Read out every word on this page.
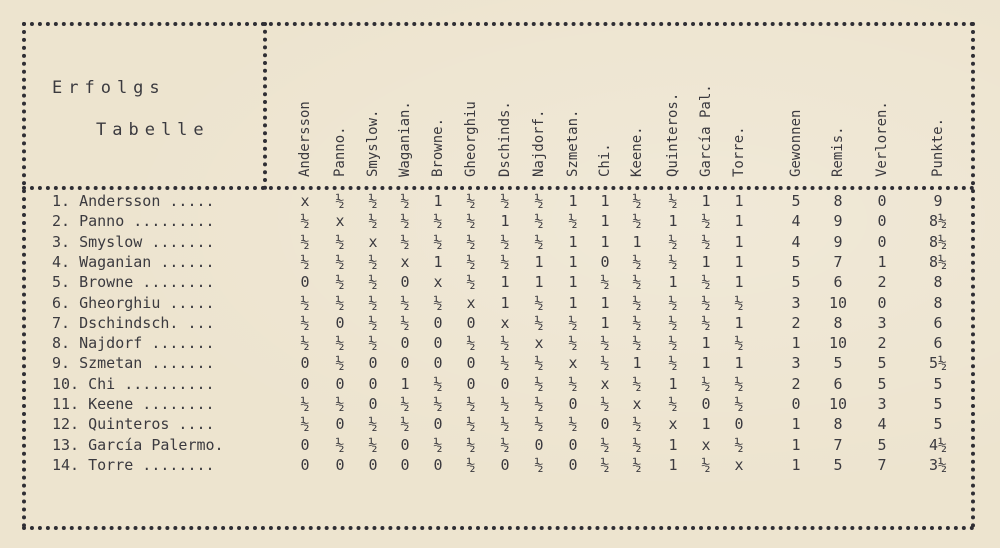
Erfolgs
Tabelle	Andersson Panno. Smyslow. Waganian. Browne. Gheorghiu Dschinds. Najdorf. Szmetan. Chi. Keene. Quinteros. García Pal. Torre.	Gewonnen Remis. Verloren.	Punkte.
1. Andersson .....	x	½	½	½	1	½	½	½	1	1	½	½	1	1	5	8	0	9
2. Panno .........	½	x	½	½	½	½	1	½	½	1	½	1	½	1	4	9	0	8½
3. Smyslow .......	½	½	x	½	½	½	½	½	1	1	1	½	½	1	4	9	0	8½
4. Waganian ......	½	½	½	x	1	½	½	1	1	0	½	½	1	1	5	7	1	8½
5. Browne ........	0	½	½	0	x	½	1	1	1	½	½	1	½	1	5	6	2	8
6. Gheorghiu .....	½	½	½	½	½	x	1	½	1	1	½	½	½	½	3	10	0	8
7. Dschindsch. ...	½	0	½	½	0	0	x	½	½	1	½	½	½	1	2	8	3	6
8. Najdorf .......	½	½	½	0	0	½	½	x	½	½	½	½	1	½	1	10	2	6
9. Szmetan .......	0	½	0	0	0	0	½	½	x	½	1	½	1	1	3	5	5	5½
10. Chi ..........	0	0	0	1	½	0	0	½	½	x	½	1	½	½	2	6	5	5
11. Keene ........	½	½	0	½	½	½	½	½	0	½	x	½	0	½	0	10	3	5
12. Quinteros ....	½	0	½	½	0	½	½	½	½	0	½	x	1	0	1	8	4	5
13. García Palermo.	0	½	½	0	½	½	½	0	0	½	½	1	x	½	1	7	5	4½
14. Torre ........	0	0	0	0	0	½	0	½	0	½	½	1	½	x	1	5	7	3½
